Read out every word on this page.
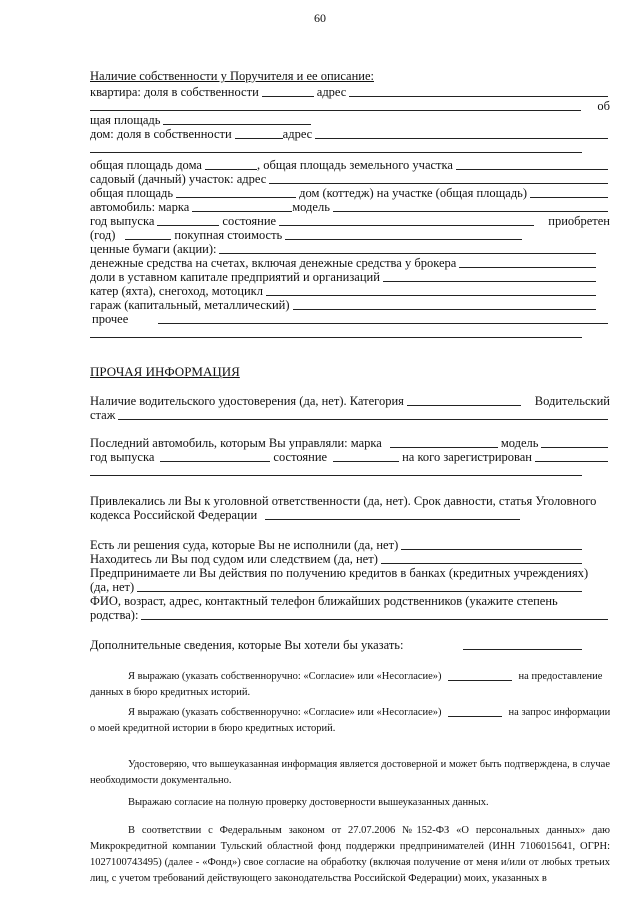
60
Наличие собственности у Поручителя и ее описание:
квартира: доля в собственности	адрес
об
щая площадь
дом: доля в собственности	адрес
общая площадь дома	, общая площадь земельного участка
садовый (дачный) участок: адрес
общая площадь	дом (коттедж) на участке (общая площадь)
автомобиль: марка	модель
год выпуска	состояние	приобретен
(год)	покупная стоимость
ценные бумаги (акции):
денежные средства на счетах, включая денежные средства у брокера
доли в уставном капитале предприятий и организаций
катер (яхта), снегоход, мотоцикл
гараж (капитальный, металлический)
прочее
ПРОЧАЯ ИНФОРМАЦИЯ
Наличие водительского удостоверения (да, нет). Категория	Водительский
стаж
Последний автомобиль, которым Вы управляли: марка	модель
год выпуска	состояние	на кого зарегистрирован
Привлекались ли Вы к уголовной ответственности (да, нет). Срок давности, статья Уголовного
кодекса Российской Федерации
Есть ли решения суда, которые Вы не исполнили (да, нет)
Находитесь ли Вы под судом или следствием (да, нет)
Предпринимаете ли Вы действия по получению кредитов в банках (кредитных учреждениях)
(да, нет)
ФИО, возраст, адрес, контактный телефон ближайших родственников (укажите степень
родства):
Дополнительные сведения, которые Вы хотели бы указать:
Я выражаю (указать собственноручно: «Согласие» или «Несогласие»)	на предоставление
данных в бюро кредитных историй.
Я выражаю (указать собственноручно: «Согласие» или «Несогласие»)	на запрос информации
о моей кредитной истории в бюро кредитных историй.

Удостоверяю, что вышеуказанная информация является достоверной и может быть подтверждена, в случае необходимости документально.

Выражаю согласие на полную проверку достоверности вышеуказанных данных.

В соответствии с Федеральным законом от 27.07.2006 №152-ФЗ «О персональных данных» даю Микрокредитной компании Тульский областной фонд поддержки предпринимателей (ИНН 7106015641, ОГРН: 1027100743495) (далее - «Фонд») свое согласие на обработку (включая получение от меня и/или от любых третьих лиц, с учетом требований действующего законодательства Российской Федерации) моих, указанных в
